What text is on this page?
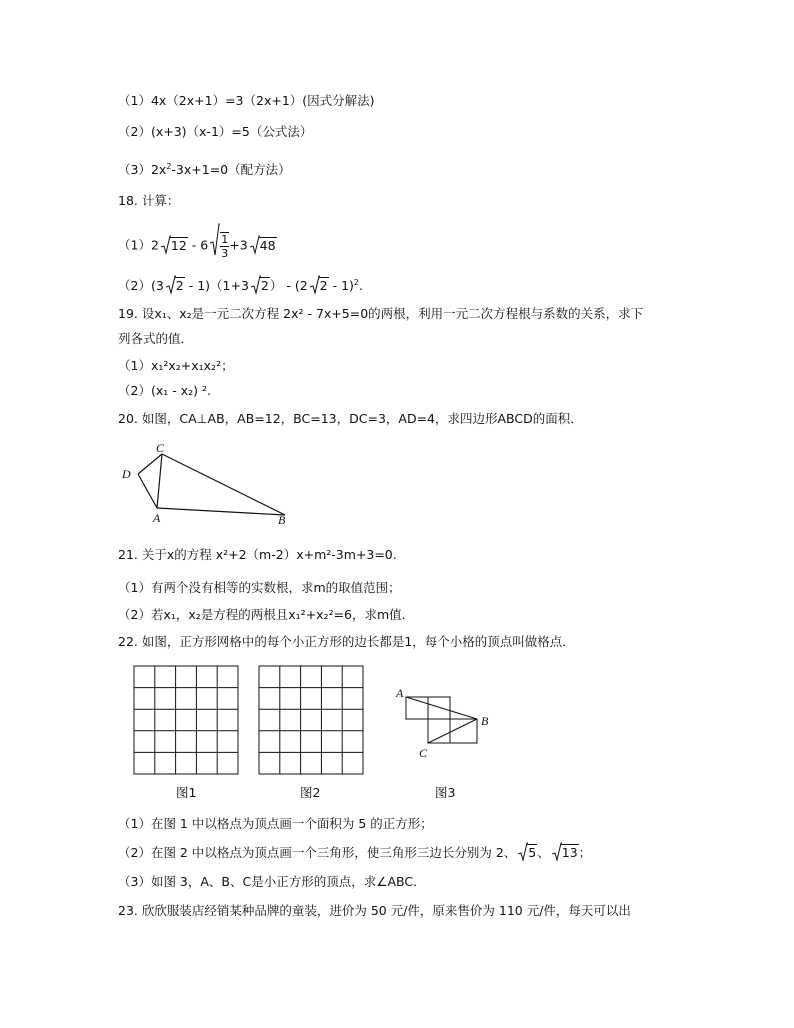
（1）4x（2x+1）=3（2x+1）(因式分解法)
（2）(x+3)（x-1）=5（公式法）
$(3)2x^2-3x+1=0$（配方法）
18. 计算：
（1）2 $12 - 6 \frac{1}{3} +3$ 48
（2）(3 2 - 1)（1+3 2） - (2 2 - 1)$^2$.
19. 设x₁、x₂是一元二次方程 2x² - 7x+5=0的两根，利用一元二次方程根与系数的关系，求下
列各式的值．
（1）x₁²x₂+x₁x₂²；
（2）(x₁ - x₂) ².
20. 如图，CA⊥AB，AB=12，BC=13，DC=3，AD=4，求四边形ABCD的面积．
C
D
A	B
21. 关于x的方程 x²+2（m-2）x+m²-3m+3=0.
（1）有两个没有相等的实数根，求m的取值范围；
（2）若x₁，x₂是方程的两根且x₁²+x₂²=6，求m值．
22. 如图，正方形网格中的每个小正方形的边长都是1，每个小格的顶点叫做格点．
图1	图2
A
B
C
图3
（1）在图 1 中以格点为顶点画一个面积为 5 的正方形；
（2）在图 2 中以格点为顶点画一个三角形，使三角形三边长分别为 2、 5、 13；
（3）如图 3，A、B、C是小正方形的顶点，求∠ABC．
23. 欣欣服装店经销某种品牌的童装，进价为 50 元/件，原来售价为 110 元/件，每天可以出
